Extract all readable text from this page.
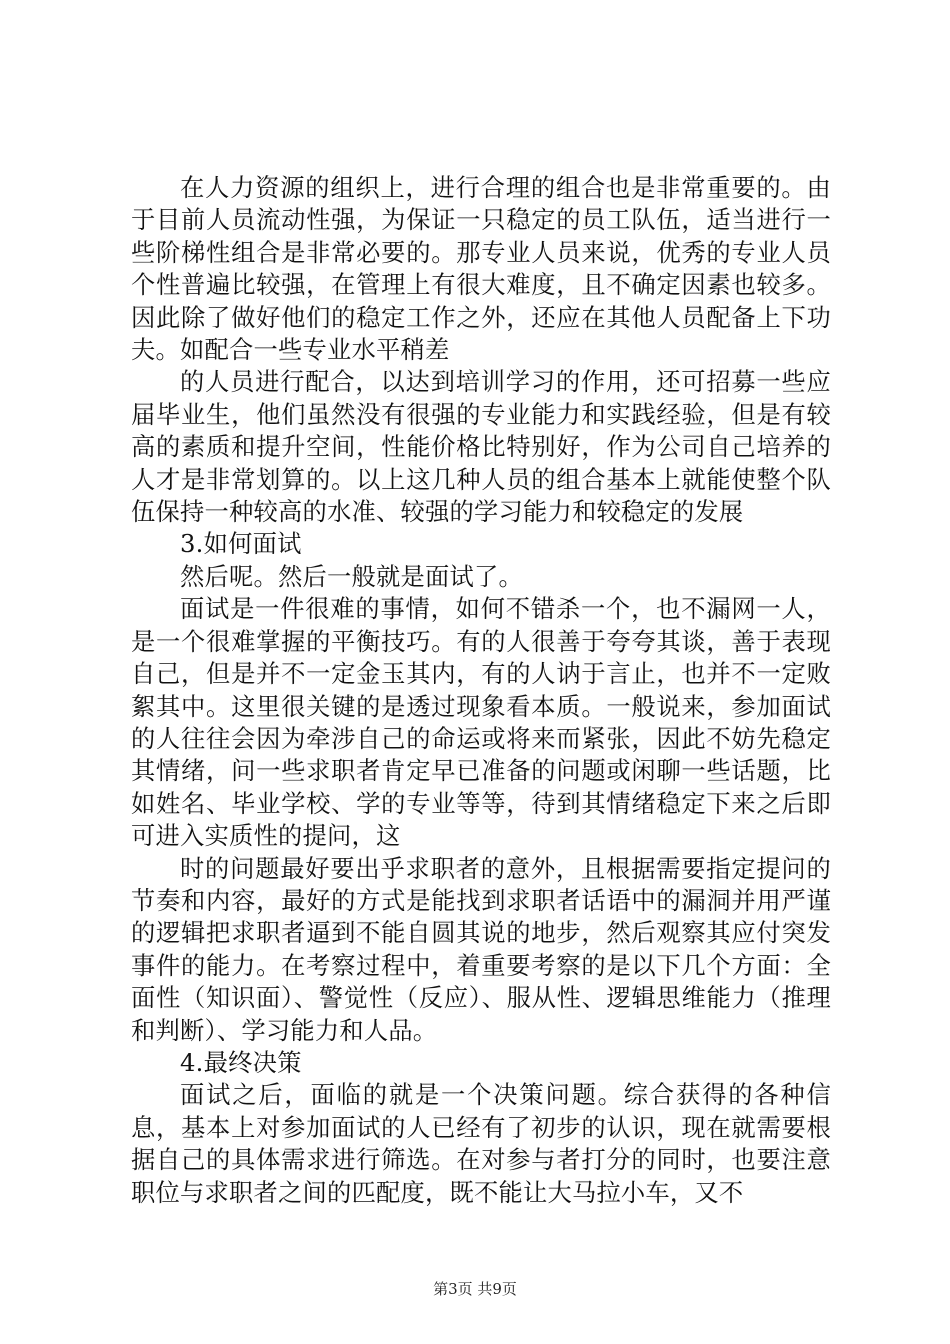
在人力资源的组织上，进行合理的组合也是非常重要的。由于目前人员流动性强，为保证一只稳定的员工队伍，适当进行一些阶梯性组合是非常必要的。那专业人员来说，优秀的专业人员个性普遍比较强，在管理上有很大难度，且不确定因素也较多。因此除了做好他们的稳定工作之外，还应在其他人员配备上下功夫。如配合一些专业水平稍差

的人员进行配合，以达到培训学习的作用，还可招募一些应届毕业生，他们虽然没有很强的专业能力和实践经验，但是有较高的素质和提升空间，性能价格比特别好，作为公司自己培养的人才是非常划算的。以上这几种人员的组合基本上就能使整个队伍保持一种较高的水准、较强的学习能力和较稳定的发展

3.如何面试

然后呢。然后一般就是面试了。

面试是一件很难的事情，如何不错杀一个，也不漏网一人，是一个很难掌握的平衡技巧。有的人很善于夸夸其谈，善于表现自己，但是并不一定金玉其内，有的人讷于言止，也并不一定败絮其中。这里很关键的是透过现象看本质。一般说来，参加面试的人往往会因为牵涉自己的命运或将来而紧张，因此不妨先稳定其情绪，问一些求职者肯定早已准备的问题或闲聊一些话题，比如姓名、毕业学校、学的专业等等，待到其情绪稳定下来之后即可进入实质性的提问，这

时的问题最好要出乎求职者的意外，且根据需要指定提问的节奏和内容，最好的方式是能找到求职者话语中的漏洞并用严谨的逻辑把求职者逼到不能自圆其说的地步，然后观察其应付突发事件的能力。在考察过程中，着重要考察的是以下几个方面：全面性（知识面）、警觉性（反应）、服从性、逻辑思维能力（推理和判断）、学习能力和人品。

4.最终决策

面试之后，面临的就是一个决策问题。综合获得的各种信息，基本上对参加面试的人已经有了初步的认识，现在就需要根据自己的具体需求进行筛选。在对参与者打分的同时，也要注意职位与求职者之间的匹配度，既不能让大马拉小车，又不

第3页 共9页
